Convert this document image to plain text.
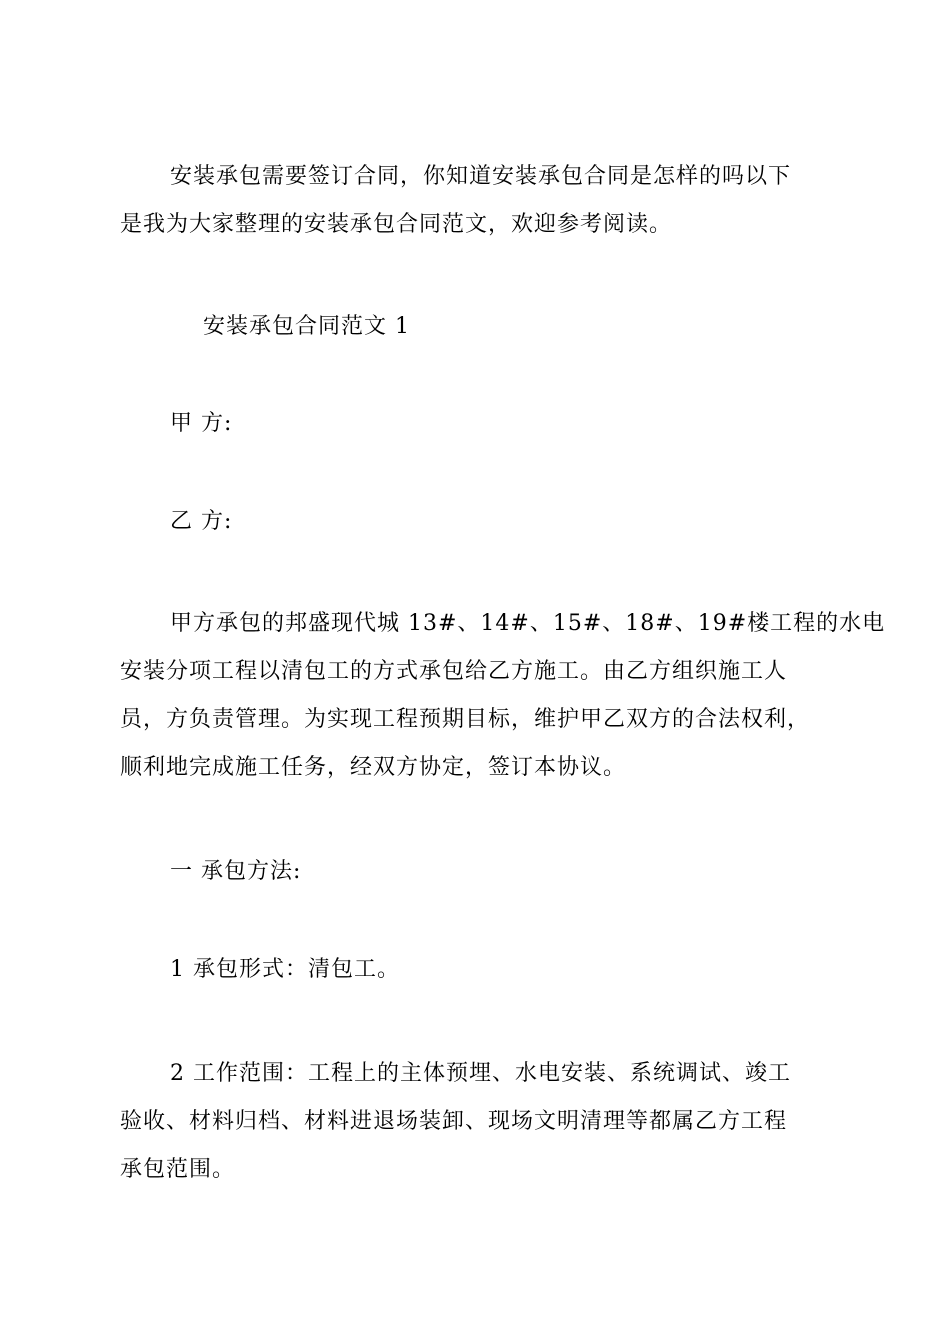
安装承包需要签订合同，你知道安装承包合同是怎样的吗以下
是我为大家整理的安装承包合同范文，欢迎参考阅读。
安装承包合同范文 1
甲 方:
乙 方:
甲方承包的邦盛现代城 13#、14#、15#、18#、19#楼工程的水电
安装分项工程以清包工的方式承包给乙方施工。由乙方组织施工人
员，方负责管理。为实现工程预期目标，维护甲乙双方的合法权利，
顺利地完成施工任务，经双方协定，签订本协议。
一 承包方法:
1 承包形式：清包工。
2 工作范围：工程上的主体预埋、水电安装、系统调试、竣工
验收、材料归档、材料进退场装卸、现场文明清理等都属乙方工程
承包范围。
